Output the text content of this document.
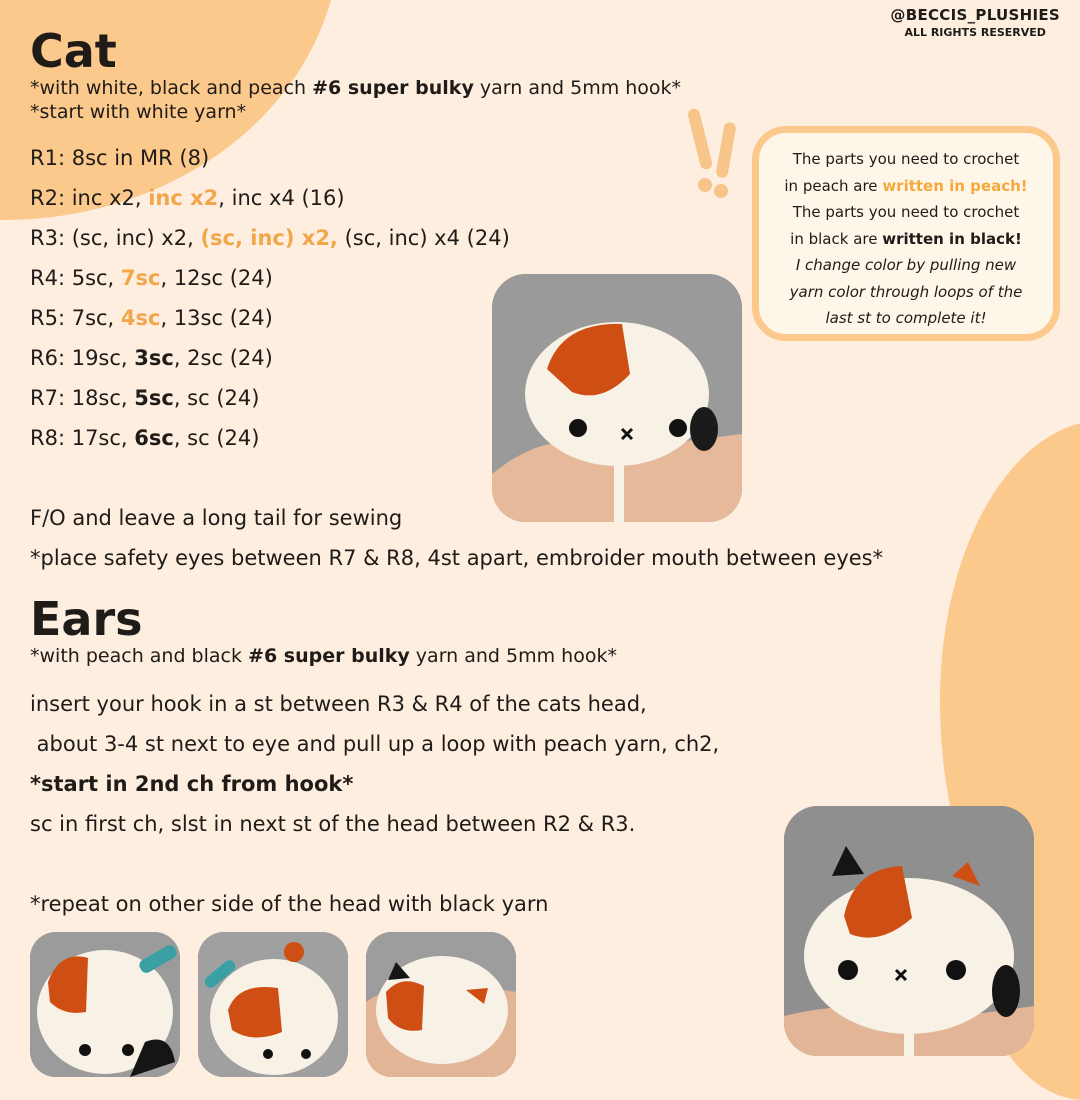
@BECCIS_PLUSHIES
ALL RIGHTS RESERVED
Cat
*with white, black and peach #6 super bulky yarn and 5mm hook*
*start with white yarn*
R1: 8sc in MR (8)
R2: inc x2, inc x2, inc x4 (16)
R3: (sc, inc) x2, (sc, inc) x2, (sc, inc) x4 (24)
R4: 5sc, 7sc, 12sc (24)
R5: 7sc, 4sc, 13sc (24)
R6: 19sc, 3sc, 2sc (24)
R7: 18sc, 5sc, sc (24)
R8: 17sc, 6sc, sc (24)
F/O and leave a long tail for sewing
*place safety eyes between R7 & R8, 4st apart, embroider mouth between eyes*
The parts you need to crochet
in peach are written in peach!
The parts you need to crochet
in black are written in black!
I change color by pulling new
yarn color through loops of the
last st to complete it!
Ears
*with peach and black #6 super bulky yarn and 5mm hook*
insert your hook in a st between R3 & R4 of the cats head,
about 3-4 st next to eye and pull up a loop with peach yarn, ch2,
*start in 2nd ch from hook*
sc in first ch, slst in next st of the head between R2 & R3.
*repeat on other side of the head with black yarn
